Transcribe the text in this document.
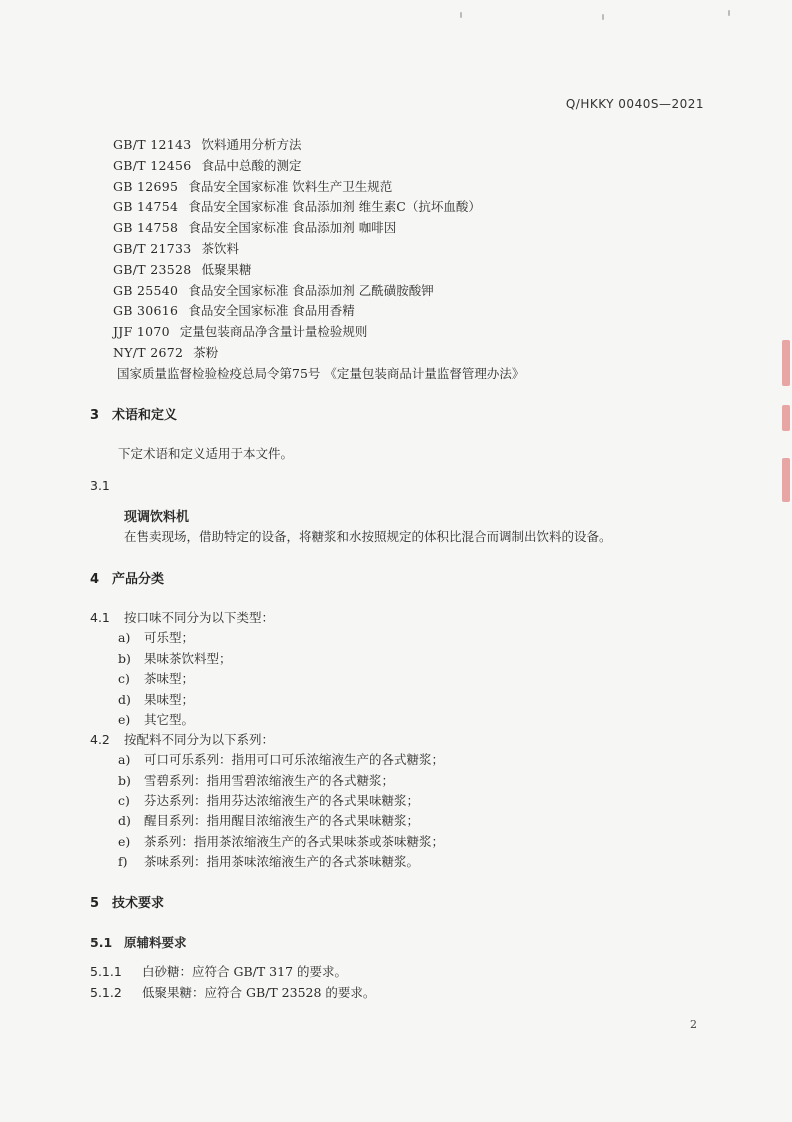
Q/HKKY 0040S—2021
GB/T 12143 饮料通用分析方法
GB/T 12456 食品中总酸的测定
GB 12695 食品安全国家标准 饮料生产卫生规范
GB 14754 食品安全国家标准 食品添加剂 维生素C（抗坏血酸）
GB 14758 食品安全国家标准 食品添加剂 咖啡因
GB/T 21733 茶饮料
GB/T 23528 低聚果糖
GB 25540 食品安全国家标准 食品添加剂 乙酰磺胺酸钾
GB 30616 食品安全国家标准 食品用香精
JJF 1070 定量包装商品净含量计量检验规则
NY/T 2672 茶粉
国家质量监督检验检疫总局令第75号 《定量包装商品计量监督管理办法》
3 术语和定义
下定术语和定义适用于本文件。
3.1
现调饮料机
在售卖现场，借助特定的设备，将糖浆和水按照规定的体积比混合而调制出饮料的设备。
4 产品分类
4.1 按口味不同分为以下类型：
a) 可乐型；
b) 果味茶饮料型；
c) 茶味型；
d) 果味型；
e) 其它型。
4.2 按配料不同分为以下系列：
a) 可口可乐系列：指用可口可乐浓缩液生产的各式糖浆；
b) 雪碧系列：指用雪碧浓缩液生产的各式糖浆；
c) 芬达系列：指用芬达浓缩液生产的各式果味糖浆；
d) 醒目系列：指用醒目浓缩液生产的各式果味糖浆；
e) 茶系列：指用茶浓缩液生产的各式果味茶或茶味糖浆；
f) 茶味系列：指用茶味浓缩液生产的各式茶味糖浆。
5 技术要求
5.1 原辅料要求
5.1.1 白砂糖：应符合 GB/T 317 的要求。
5.1.2 低聚果糖：应符合 GB/T 23528 的要求。
2
